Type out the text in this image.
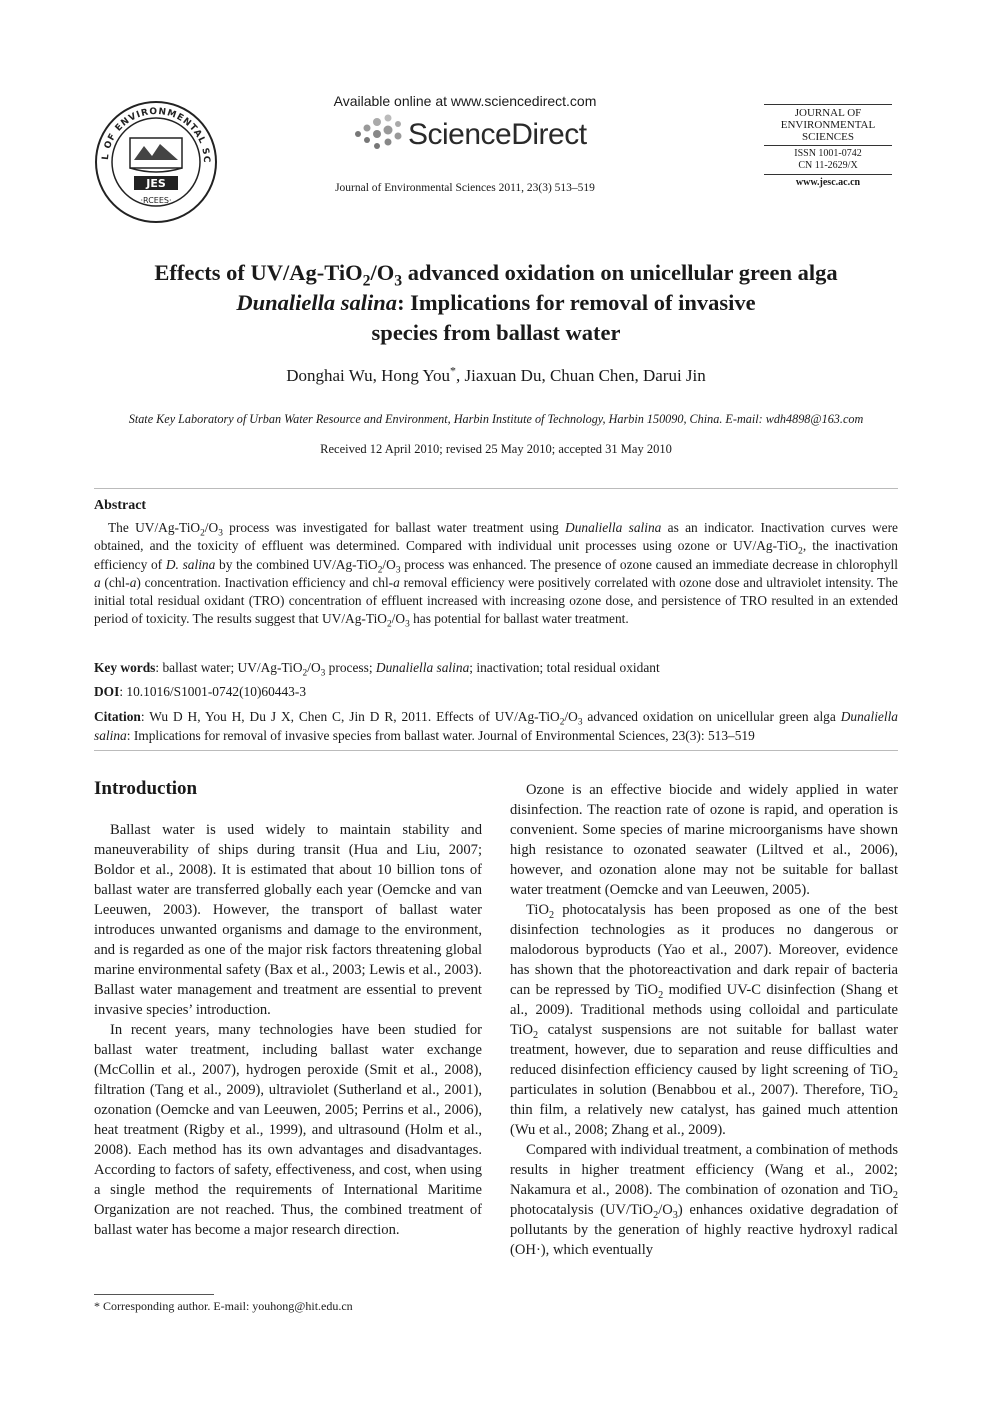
L OF ENVIRONMENTAL SC
JES
·RCEES·
Available online at www.sciencedirect.com
ScienceDirect
Journal of Environmental Sciences 2011, 23(3) 513–519
JOURNAL OF
ENVIRONMENTAL
SCIENCES
ISSN 1001-0742
CN 11-2629/X
www.jesc.ac.cn
Effects of $UV/Ag-TiO_2/O_3$ advanced oxidation on unicellular green alga
Dunaliella salina: Implications for removal of invasive
species from ballast water
Donghai Wu, Hong You*, Jiaxuan Du, Chuan Chen, Darui Jin
State Key Laboratory of Urban Water Resource and Environment, Harbin Institute of Technology, Harbin 150090, China. E-mail: wdh4898@163.com
Received 12 April 2010; revised 25 May 2010; accepted 31 May 2010
Abstract
The $UV/Ag-TiO_2/O_3$ process was investigated for ballast water treatment using Dunaliella salina as an indicator. Inactivation curves were obtained, and the toxicity of effluent was determined. Compared with individual unit processes using ozone or UV/Ag-TiO$_2$, the inactivation efficiency of D. salina by the combined $UV/Ag-TiO_2/O_3$ process was enhanced. The presence of ozone caused an immediate decrease in chlorophyll a (chl-a) concentration. Inactivation efficiency and chl-a removal efficiency were positively correlated with ozone dose and ultraviolet intensity. The initial total residual oxidant (TRO) concentration of effluent increased with increasing ozone dose, and persistence of TRO resulted in an extended period of toxicity. The results suggest that $UV/Ag-TiO_2/O_3$ has potential for ballast water treatment.
Key words: ballast water; $UV/Ag-TiO_2/O_3$ process; Dunaliella salina; inactivation; total residual oxidant
DOI: 10.1016/S1001-0742(10)60443-3
Citation: Wu D H, You H, Du J X, Chen C, Jin D R, 2011. Effects of $UV/Ag-TiO_2/O_3$ advanced oxidation on unicellular green alga Dunaliella salina: Implications for removal of invasive species from ballast water. Journal of Environmental Sciences, 23(3): 513–519
Introduction

Ballast water is used widely to maintain stability and maneuverability of ships during transit (Hua and Liu, 2007; Boldor et al., 2008). It is estimated that about 10 billion tons of ballast water are transferred globally each year (Oemcke and van Leeuwen, 2003). However, the transport of ballast water introduces unwanted organisms and damage to the environment, and is regarded as one of the major risk factors threatening global marine environmental safety (Bax et al., 2003; Lewis et al., 2003). Ballast water management and treatment are essential to prevent invasive species’ introduction.

In recent years, many technologies have been studied for ballast water treatment, including ballast water exchange (McCollin et al., 2007), hydrogen peroxide (Smit et al., 2008), filtration (Tang et al., 2009), ultraviolet (Sutherland et al., 2001), ozonation (Oemcke and van Leeuwen, 2005; Perrins et al., 2006), heat treatment (Rigby et al., 1999), and ultrasound (Holm et al., 2008). Each method has its own advantages and disadvantages. According to factors of safety, effectiveness, and cost, when using a single method the requirements of International Maritime Organization are not reached. Thus, the combined treatment of ballast water has become a major research direction.

Ozone is an effective biocide and widely applied in water disinfection. The reaction rate of ozone is rapid, and operation is convenient. Some species of marine microorganisms have shown high resistance to ozonated seawater (Liltved et al., 2006), however, and ozonation alone may not be suitable for ballast water treatment (Oemcke and van Leeuwen, 2005).

TiO$_2$ photocatalysis has been proposed as one of the best disinfection technologies as it produces no dangerous or malodorous byproducts (Yao et al., 2007). Moreover, evidence has shown that the photoreactivation and dark repair of bacteria can be repressed by TiO$_2$ modified UV-C disinfection (Shang et al., 2009). Traditional methods using colloidal and particulate TiO$_2$ catalyst suspensions are not suitable for ballast water treatment, however, due to separation and reuse difficulties and reduced disinfection efficiency caused by light screening of TiO$_2$ particulates in solution (Benabbou et al., 2007). Therefore, TiO$_2$ thin film, a relatively new catalyst, has gained much attention (Wu et al., 2008; Zhang et al., 2009).

Compared with individual treatment, a combination of methods results in higher treatment efficiency (Wang et al., 2002; Nakamura et al., 2008). The combination of ozonation and TiO$_2$ photocatalysis $(UV/TiO_2/O_3)$ enhances oxidative degradation of pollutants by the generation of highly reactive hydroxyl radical (OH·), which eventually

* Corresponding author. E-mail: youhong@hit.edu.cn
